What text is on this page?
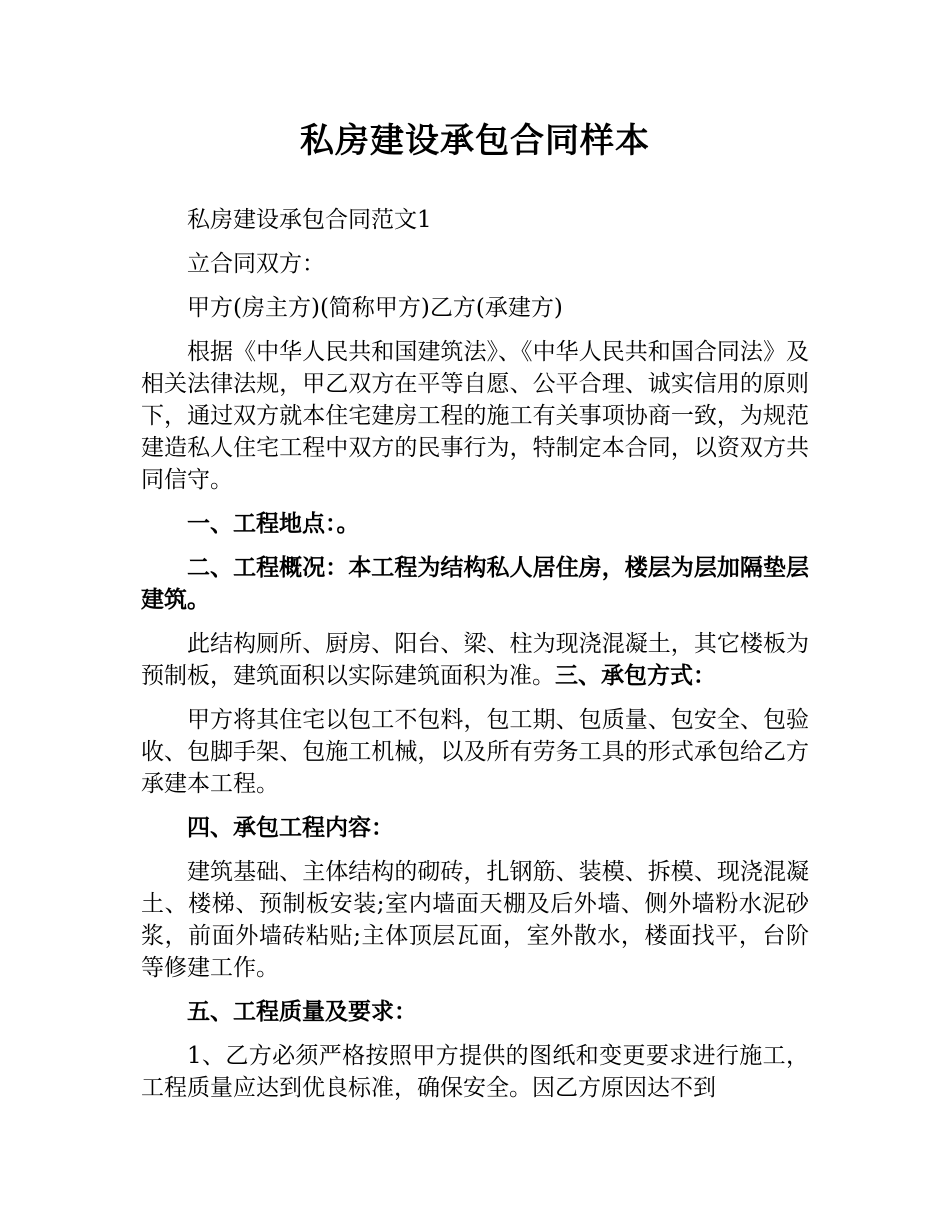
私房建设承包合同样本

私房建设承包合同范文1

立合同双方：

甲方(房主方)(简称甲方)乙方(承建方)

根据《中华人民共和国建筑法》、《中华人民共和国合同法》及相关法律法规，甲乙双方在平等自愿、公平合理、诚实信用的原则下，通过双方就本住宅建房工程的施工有关事项协商一致，为规范建造私人住宅工程中双方的民事行为，特制定本合同，以资双方共同信守。

一、工程地点：。

二、工程概况：本工程为结构私人居住房，楼层为层加隔垫层建筑。

此结构厕所、厨房、阳台、梁、柱为现浇混凝土，其它楼板为预制板，建筑面积以实际建筑面积为准。三、承包方式：

甲方将其住宅以包工不包料，包工期、包质量、包安全、包验收、包脚手架、包施工机械，以及所有劳务工具的形式承包给乙方承建本工程。

四、承包工程内容：

建筑基础、主体结构的砌砖，扎钢筋、装模、拆模、现浇混凝土、楼梯、预制板安装;室内墙面天棚及后外墙、侧外墙粉水泥砂浆，前面外墙砖粘贴;主体顶层瓦面，室外散水，楼面找平，台阶等修建工作。

五、工程质量及要求：

1、乙方必须严格按照甲方提供的图纸和变更要求进行施工，工程质量应达到优良标准，确保安全。因乙方原因达不到
